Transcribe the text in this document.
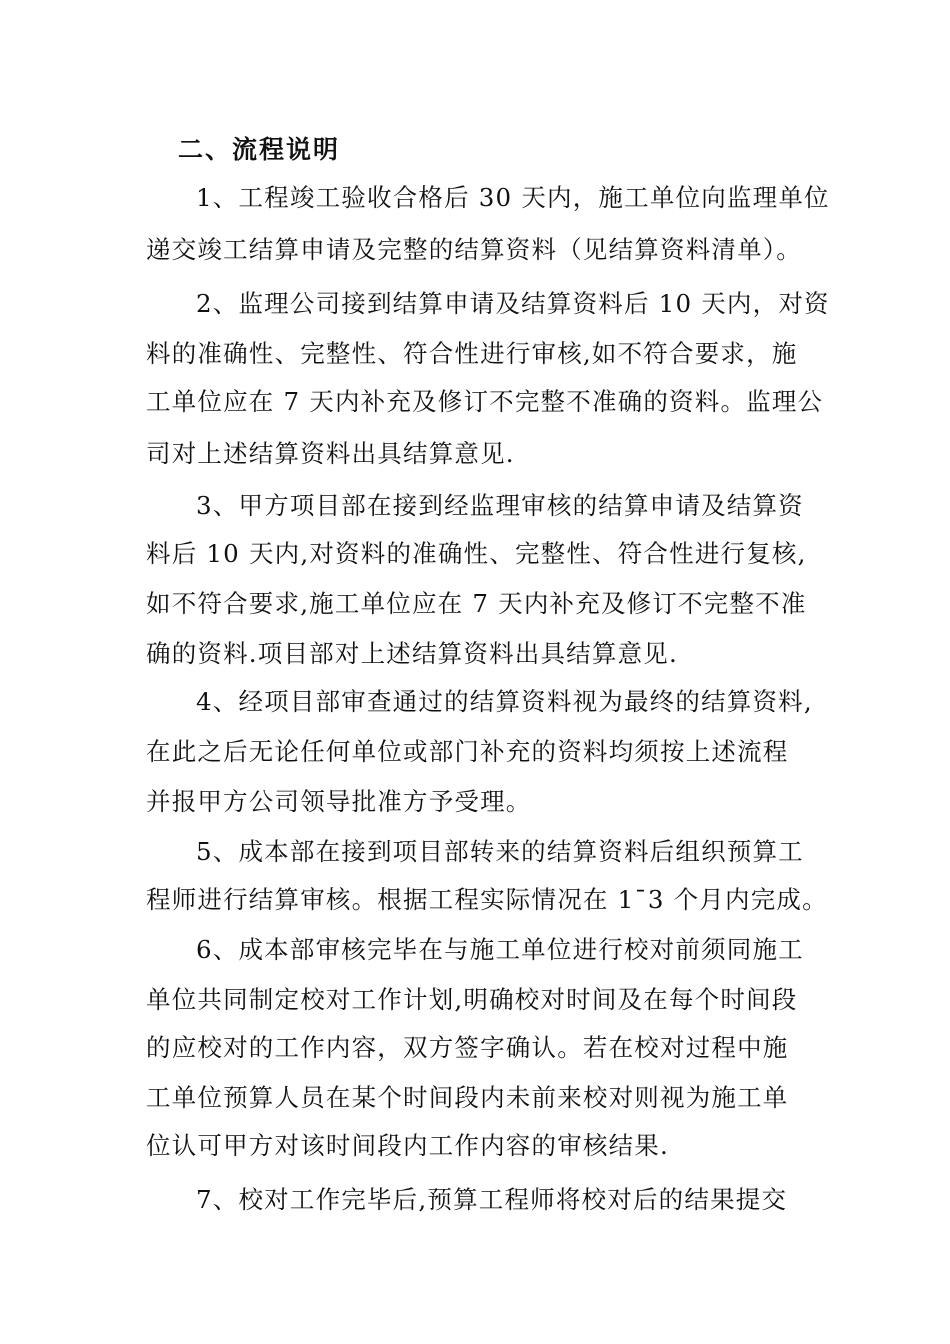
二、流程说明
1、工程竣工验收合格后 30 天内，施工单位向监理单位
递交竣工结算申请及完整的结算资料（见结算资料清单）。
2、监理公司接到结算申请及结算资料后 10 天内，对资
料的准确性、完整性、符合性进行审核,如不符合要求，施
工单位应在 7 天内补充及修订不完整不准确的资料。监理公
司对上述结算资料出具结算意见.
3、甲方项目部在接到经监理审核的结算申请及结算资
料后 10 天内,对资料的准确性、完整性、符合性进行复核,
如不符合要求,施工单位应在 7 天内补充及修订不完整不准
确的资料.项目部对上述结算资料出具结算意见.
4、经项目部审查通过的结算资料视为最终的结算资料,
在此之后无论任何单位或部门补充的资料均须按上述流程
并报甲方公司领导批准方予受理。
5、成本部在接到项目部转来的结算资料后组织预算工
程师进行结算审核。根据工程实际情况在 1¯3 个月内完成。
6、成本部审核完毕在与施工单位进行校对前须同施工
单位共同制定校对工作计划,明确校对时间及在每个时间段
的应校对的工作内容，双方签字确认。若在校对过程中施
工单位预算人员在某个时间段内未前来校对则视为施工单
位认可甲方对该时间段内工作内容的审核结果.
7、校对工作完毕后,预算工程师将校对后的结果提交
